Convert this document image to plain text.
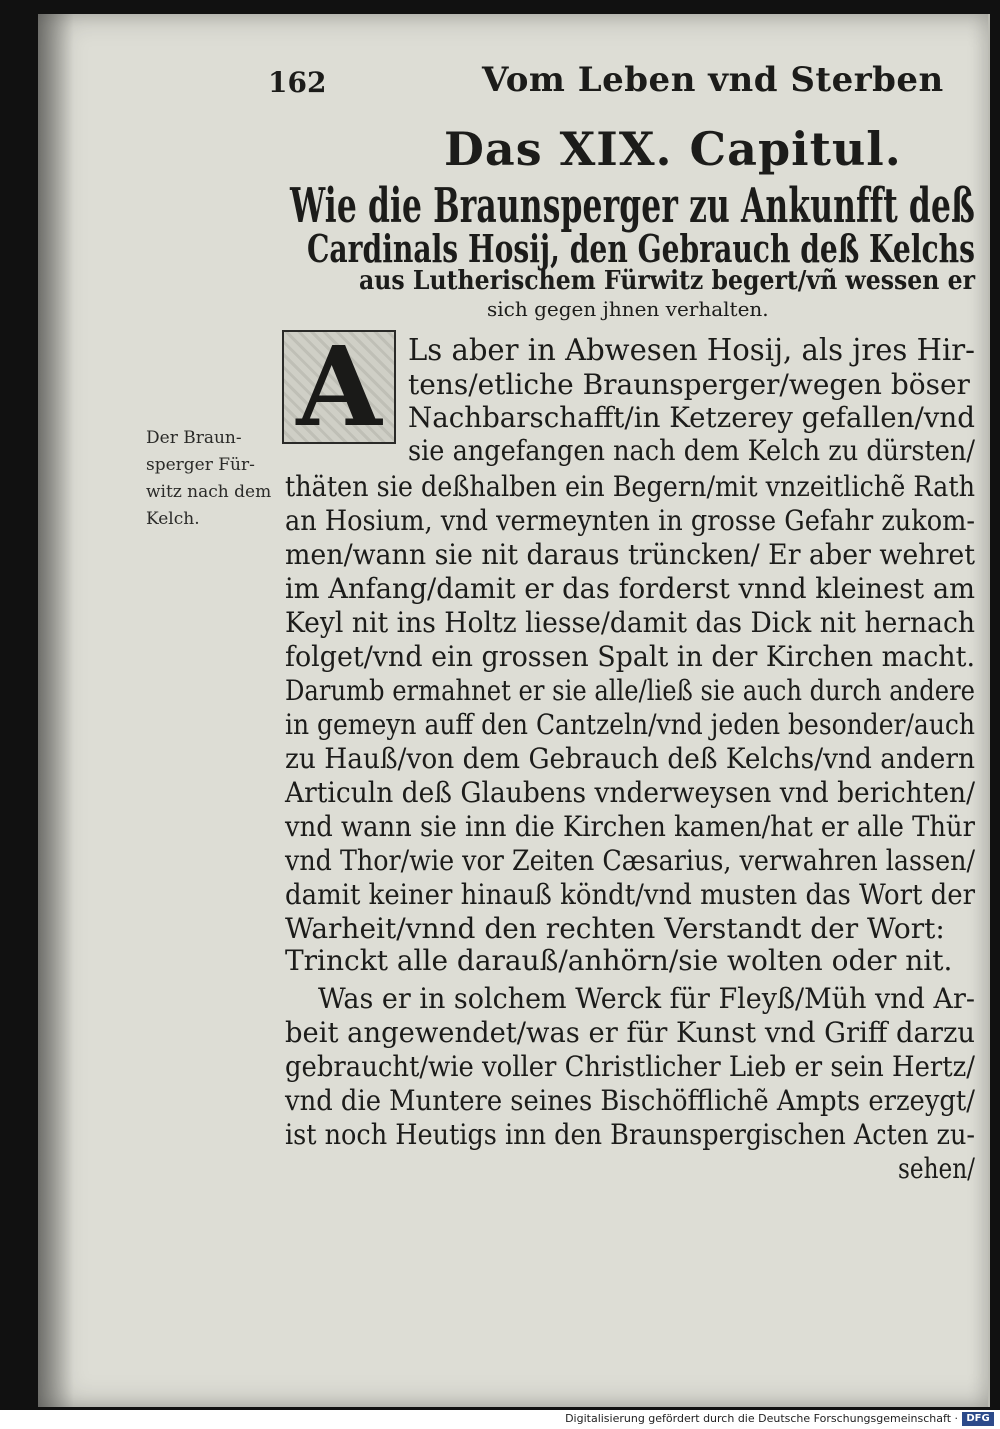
162	Vom Leben vnd Sterben
Das XIX. Capitul.
Wie die Braunsperger zu Ankunfft deß
Cardinals Hosij, den Gebrauch deß Kelchs
aus Lutherischem Fürwitz begert/vñ wessen er
sich gegen jhnen verhalten.
A
Der Braun-
sperger Für-
witz nach dem
Kelch.
Ls aber in Abwesen Hosij, als jres Hir-
tens/etliche Braunsperger/wegen böser
Nachbarschafft/in Ketzerey gefallen/vnd
sie angefangen nach dem Kelch zu dürsten/
thäten sie deßhalben ein Begern/mit vnzeitlichẽ Rath
an Hosium, vnd vermeynten in grosse Gefahr zukom-
men/wann sie nit daraus trüncken/ Er aber wehret
im Anfang/damit er das forderst vnnd kleinest am
Keyl nit ins Holtz liesse/damit das Dick nit hernach
folget/vnd ein grossen Spalt in der Kirchen macht.
Darumb ermahnet er sie alle/ließ sie auch durch andere
in gemeyn auff den Cantzeln/vnd jeden besonder/auch
zu Hauß/von dem Gebrauch deß Kelchs/vnd andern
Articuln deß Glaubens vnderweysen vnd berichten/
vnd wann sie inn die Kirchen kamen/hat er alle Thür
vnd Thor/wie vor Zeiten Cæsarius, verwahren lassen/
damit keiner hinauß köndt/vnd musten das Wort der
Warheit/vnnd den rechten Verstandt der Wort:
Trinckt alle darauß/anhörn/sie wolten oder nit.
Was er in solchem Werck für Fleyß/Müh vnd Ar-
beit angewendet/was er für Kunst vnd Griff darzu
gebraucht/wie voller Christlicher Lieb er sein Hertz/
vnd die Muntere seines Bischöfflichẽ Ampts erzeygt/
ist noch Heutigs inn den Braunspergischen Acten zu-
sehen/
Digitalisierung gefördert durch die Deutsche Forschungsgemeinschaft · DFG
